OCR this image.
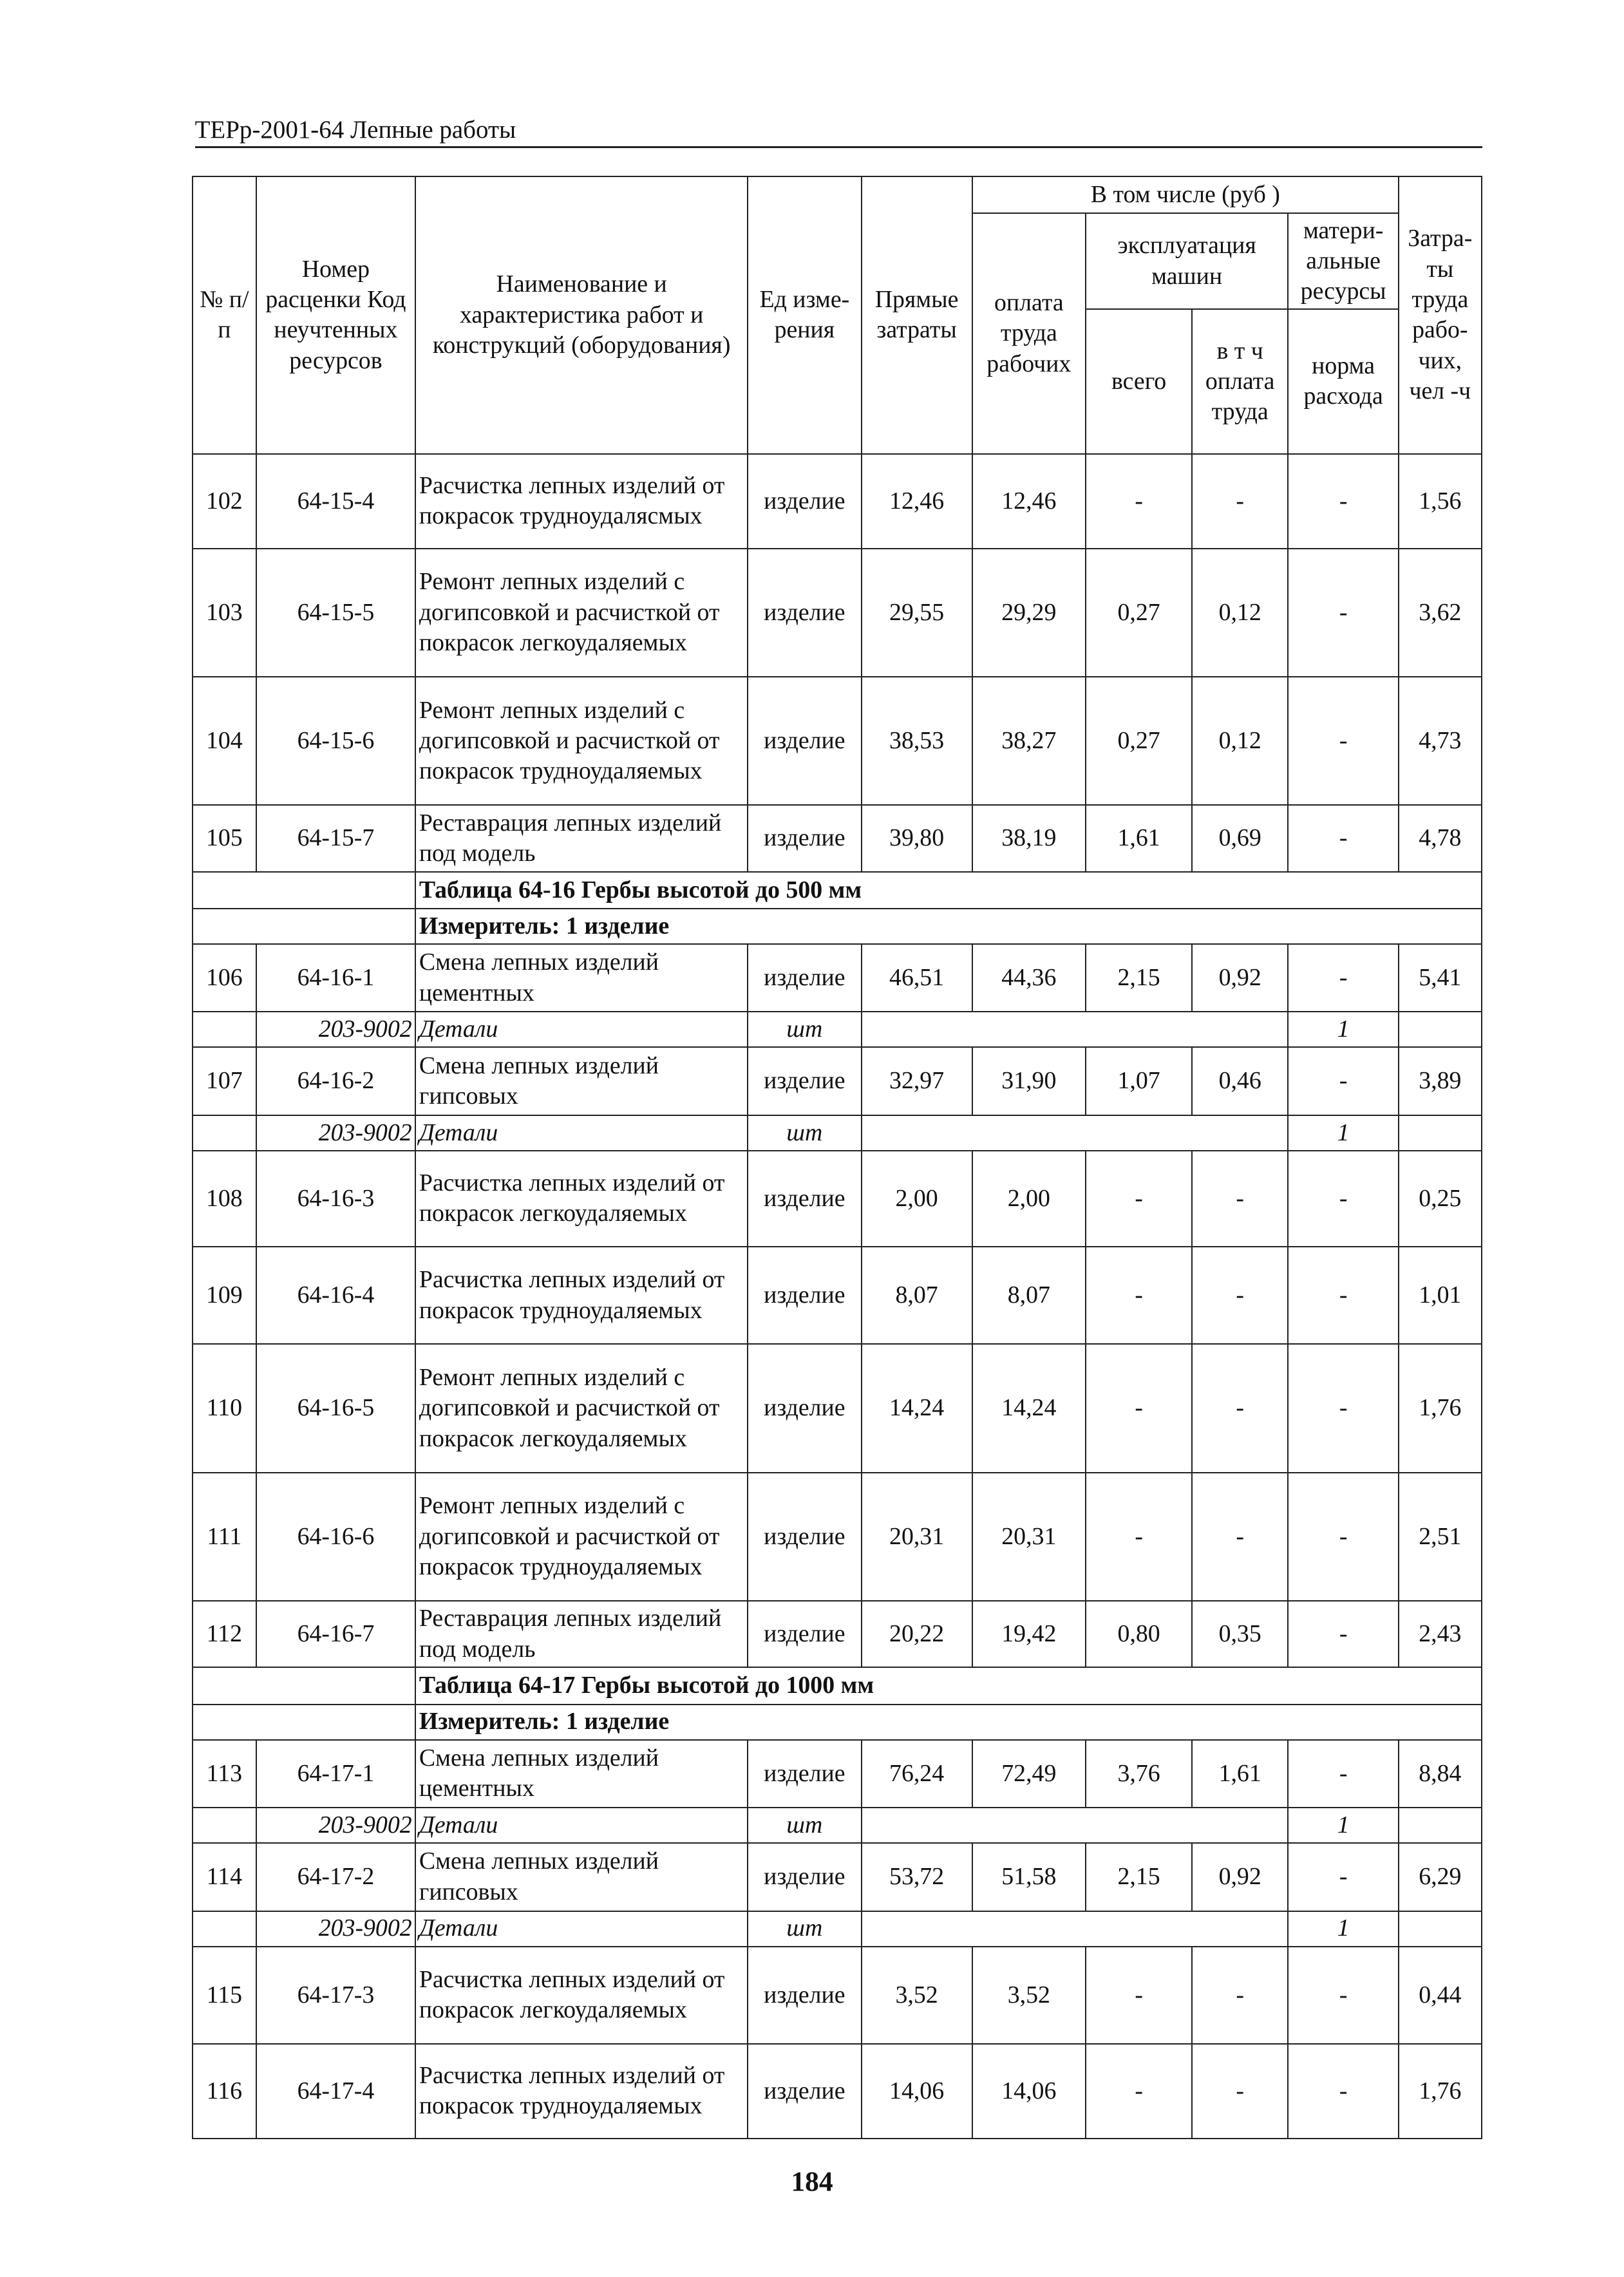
ТЕРр-2001-64 Лепные работы
№ п/п	Номер расценки Код неучтенных ресурсов	Наименование и характеристика работ и конструкций (оборудования)	Ед изме- рения	Прямые затраты	В том числе (руб )				Затра- ты труда рабо- чих, чел -ч
					оплата труда рабочих	эксплуатация машин		матери- альные ресурсы	
						всего	в т ч оплата труда	норма расхода	

102	64-15-4	Расчистка лепных изделий от покрасок трудноудалясмых	изделие	12,46	12,46	-	-	-	1,56
103	64-15-5	Ремонт лепных изделий с догипсовкой и расчисткой от покрасок легкоудаляемых	изделие	29,55	29,29	0,27	0,12	-	3,62
104	64-15-6	Ремонт лепных изделий с догипсовкой и расчисткой от покрасок трудноудаляемых	изделие	38,53	38,27	0,27	0,12	-	4,73
105	64-15-7	Реставрация лепных изделий под модель	изделие	39,80	38,19	1,61	0,69	-	4,78
		Таблица 64-16 Гербы высотой до 500 мм							
		Измеритель: 1 изделие							
106	64-16-1	Смена лепных изделий цементных	изделие	46,51	44,36	2,15	0,92	-	5,41
	203-9002	Детали	шт					1	
107	64-16-2	Смена лепных изделий гипсовых	изделие	32,97	31,90	1,07	0,46	-	3,89
	203-9002	Детали	шт					1	
108	64-16-3	Расчистка лепных изделий от покрасок легкоудаляемых	изделие	2,00	2,00	-	-	-	0,25
109	64-16-4	Расчистка лепных изделий от покрасок трудноудаляемых	изделие	8,07	8,07	-	-	-	1,01
110	64-16-5	Ремонт лепных изделий с догипсовкой и расчисткой от покрасок легкоудаляемых	изделие	14,24	14,24	-	-	-	1,76
111	64-16-6	Ремонт лепных изделий с догипсовкой и расчисткой от покрасок трудноудаляемых	изделие	20,31	20,31	-	-	-	2,51
112	64-16-7	Реставрация лепных изделий под модель	изделие	20,22	19,42	0,80	0,35	-	2,43
		Таблица 64-17 Гербы высотой до 1000 мм							
		Измеритель: 1 изделие							
113	64-17-1	Смена лепных изделий цементных	изделие	76,24	72,49	3,76	1,61	-	8,84
	203-9002	Детали	шт					1	
114	64-17-2	Смена лепных изделий гипсовых	изделие	53,72	51,58	2,15	0,92	-	6,29
	203-9002	Детали	шт					1	
115	64-17-3	Расчистка лепных изделий от покрасок легкоудаляемых	изделие	3,52	3,52	-	-	-	0,44
116	64-17-4	Расчистка лепных изделий от покрасок трудноудаляемых	изделие	14,06	14,06	-	-	-	1,76
184
